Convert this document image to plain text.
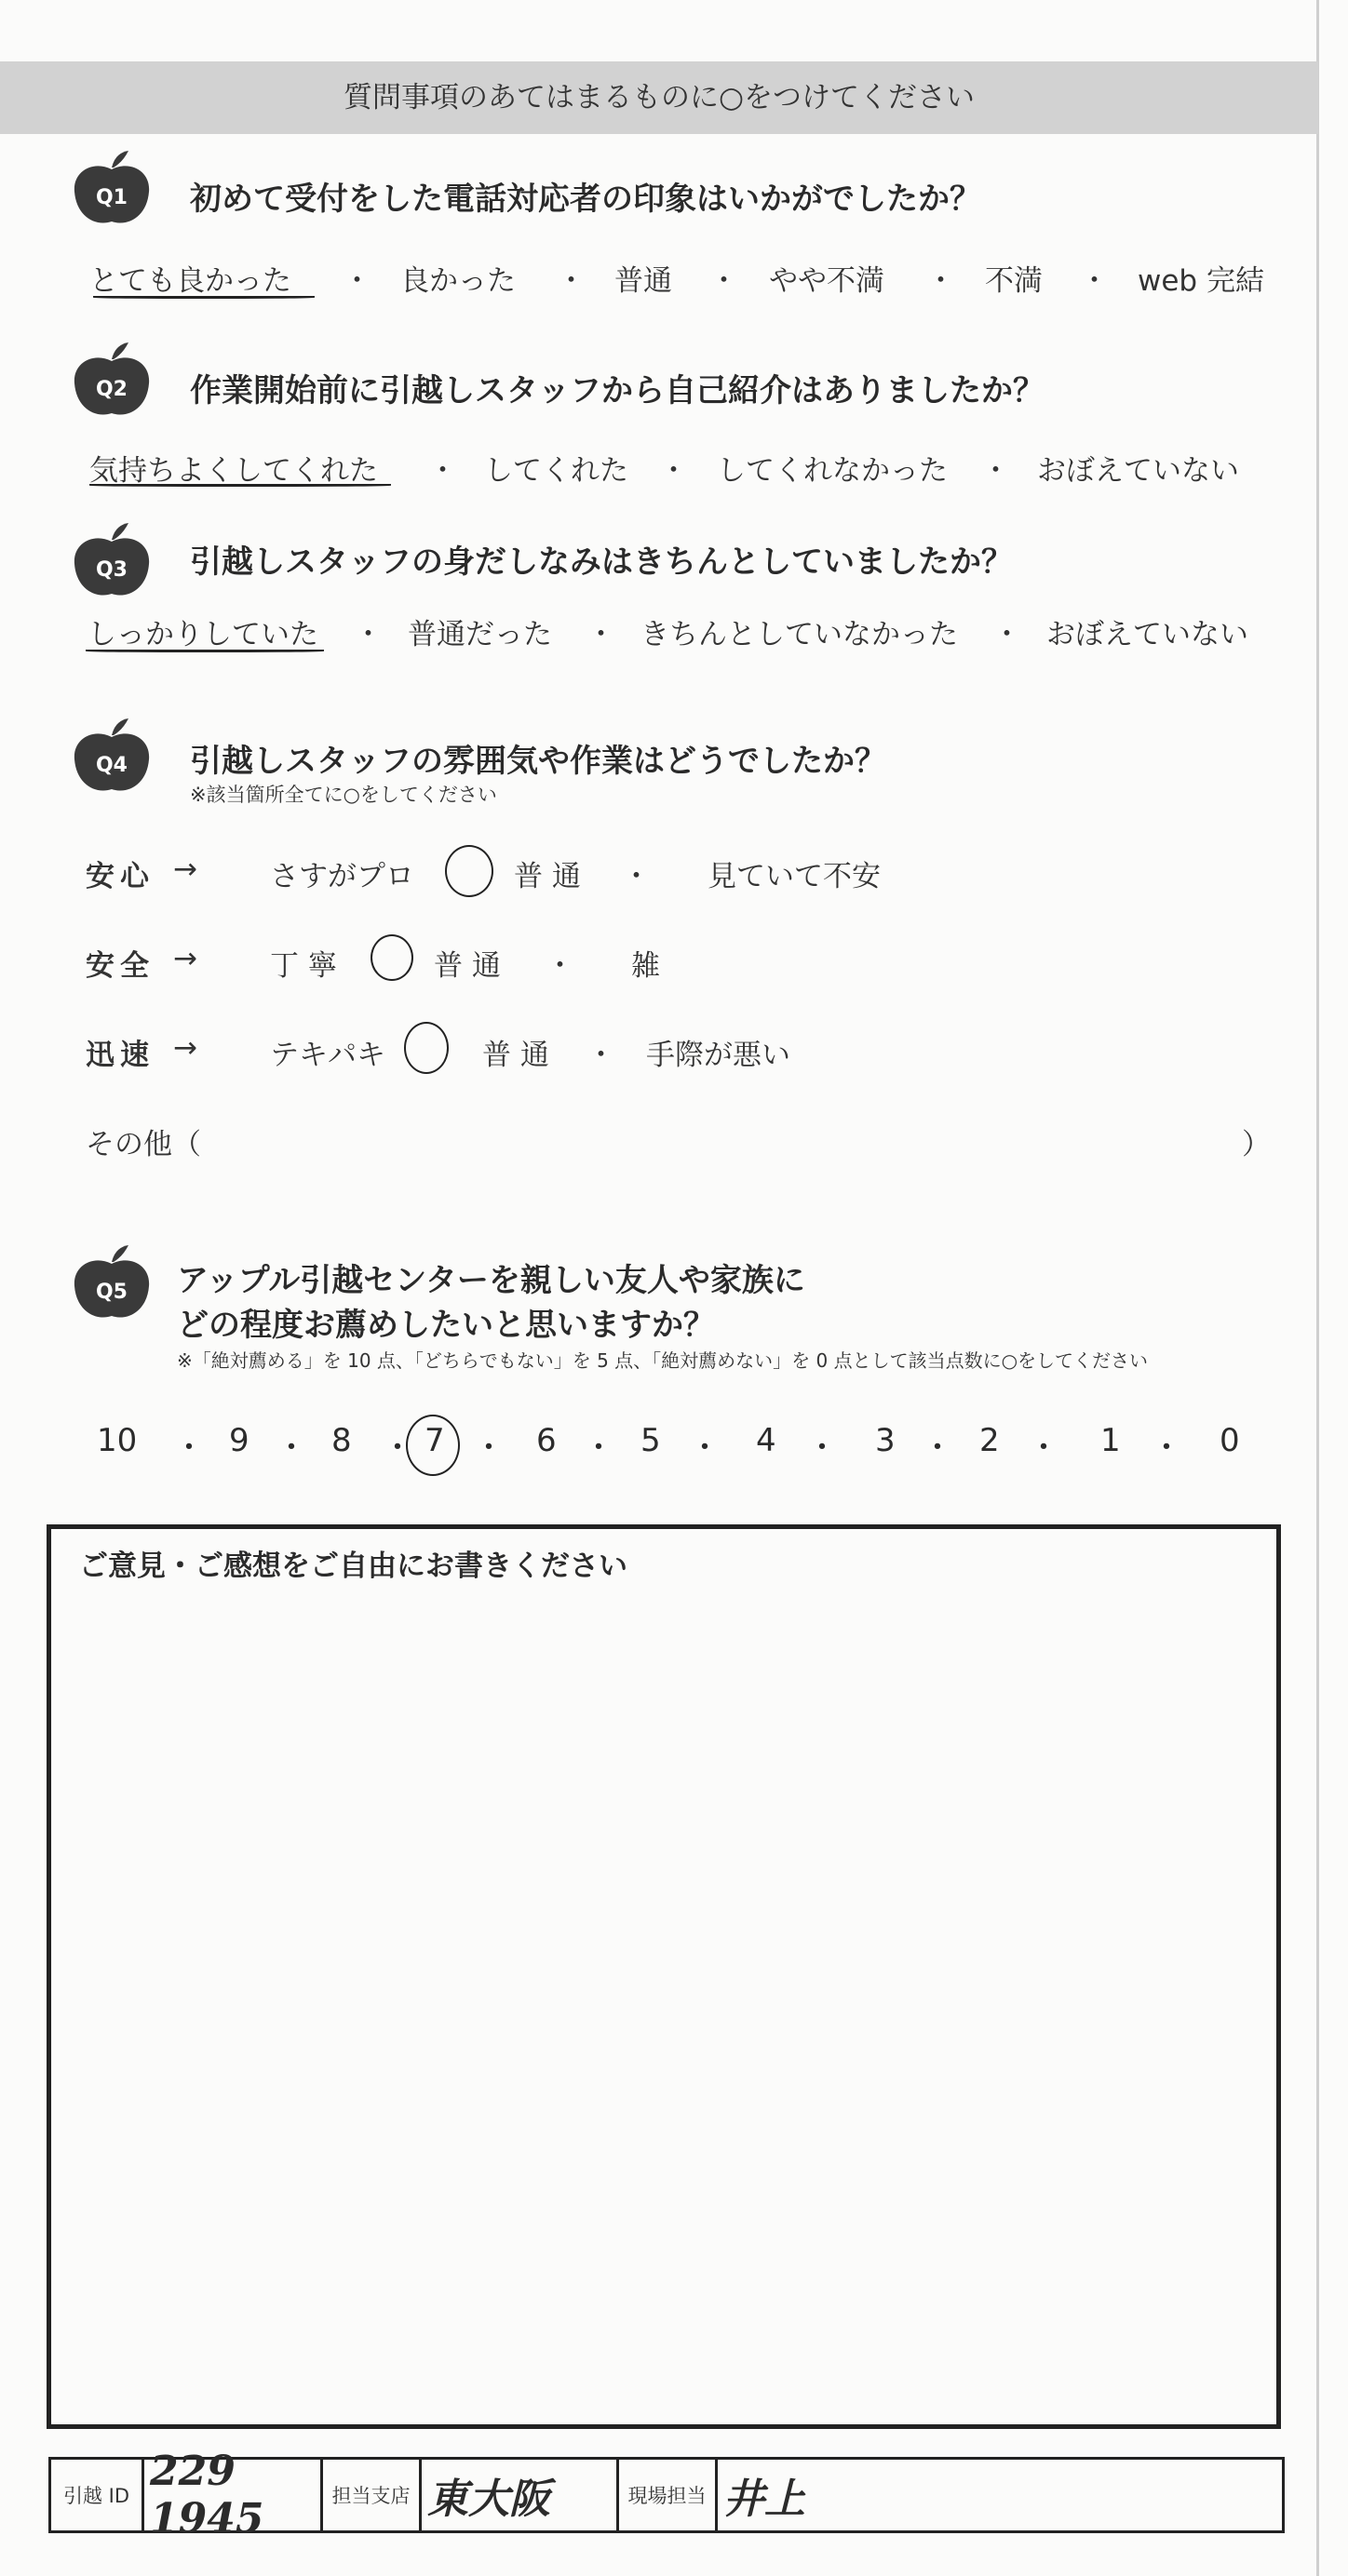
質問事項のあてはまるものに○をつけてください
Q1	初めて受付をした電話対応者の印象はいかがでしたか？
とても良かった ・ 良かった ・ 普通 ・ やや不満 ・ 不満 ・ web 完結
Q2	作業開始前に引越しスタッフから自己紹介はありましたか？
気持ちよくしてくれた ・ してくれた ・ してくれなかった ・ おぼえていない
Q3	引越しスタッフの身だしなみはきちんとしていましたか？
しっかりしていた ・ 普通だった ・ きちんとしていなかった ・ おぼえていない
Q4	引越しスタッフの雰囲気や作業はどうでしたか？
※該当箇所全てに○をしてください
安心 →	さすがプロ	普 通 ・ 見ていて不安
安全 →	丁 寧	普 通 ・ 雑
迅速 →	テキパキ	普 通 ・ 手際が悪い
その他（	）
Q5	アップル引越センターを親しい友人や家族に
どの程度お薦めしたいと思いますか？
※「絶対薦める」を 10 点、「どちらでもない」を 5 点、「絶対薦めない」を 0 点として該当点数に○をしてください
10 ・ 9 ・ 8 ・ 7 ・ 6 ・ 5 ・ 4 ・ 3 ・ 2 ・ 1 ・ 0
ご意見・ご感想をご自由にお書きください
引越 ID
229 1945	担当支店 東大阪	現場担当 井上
